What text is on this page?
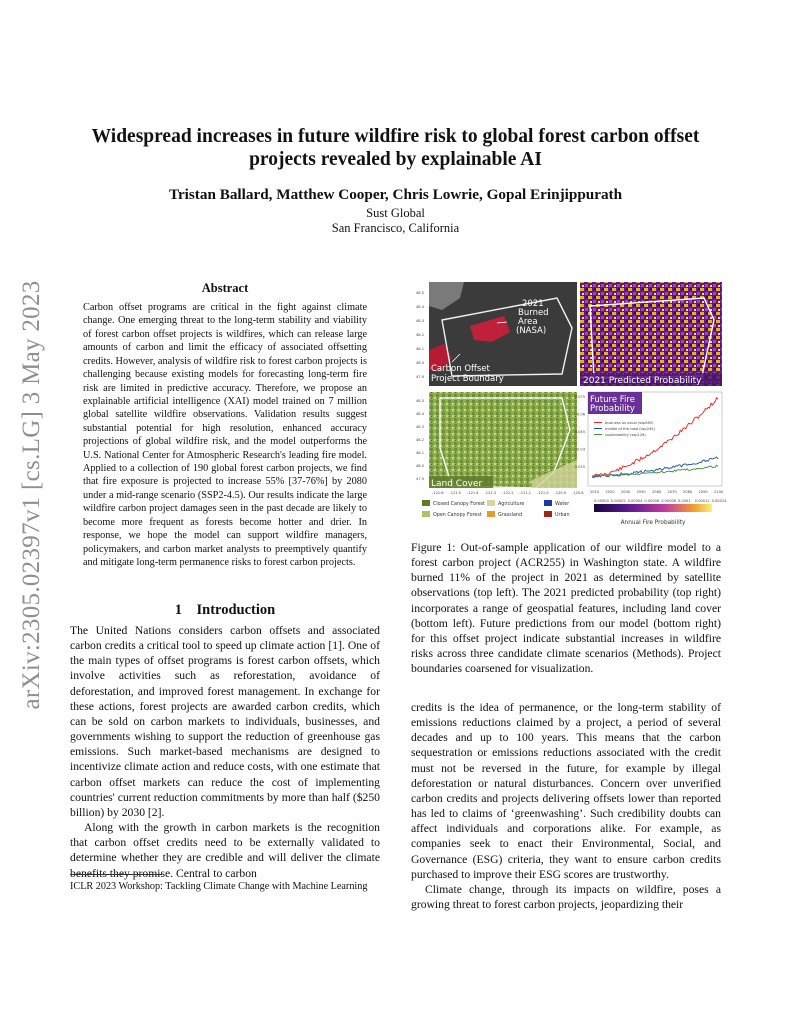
arXiv:2305.02397v1 [cs.LG] 3 May 2023
Widespread increases in future wildfire risk to global forest carbon offset projects revealed by explainable AI
Tristan Ballard, Matthew Cooper, Chris Lowrie, Gopal Erinjippurath
Sust Global
San Francisco, California
Abstract
Carbon offset programs are critical in the fight against climate change. One emerging threat to the long-term stability and viability of forest carbon offset projects is wildfires, which can release large amounts of carbon and limit the efficacy of associated offsetting credits. However, analysis of wildfire risk to forest carbon projects is challenging because existing models for forecasting long-term fire risk are limited in predictive accuracy. Therefore, we propose an explainable artificial intelligence (XAI) model trained on 7 million global satellite wildfire observations. Validation results suggest substantial potential for high resolution, enhanced accuracy projections of global wildfire risk, and the model outperforms the U.S. National Center for Atmospheric Research's leading fire model. Applied to a collection of 190 global forest carbon projects, we find that fire exposure is projected to increase 55% [37-76%] by 2080 under a mid-range scenario (SSP2-4.5). Our results indicate the large wildfire carbon project damages seen in the past decade are likely to become more frequent as forests become hotter and drier. In response, we hope the model can support wildfire managers, policymakers, and carbon market analysts to preemptively quantify and mitigate long-term permanence risks to forest carbon projects.
1 Introduction

The United Nations considers carbon offsets and associated carbon credits a critical tool to speed up climate action [1]. One of the main types of offset programs is forest carbon offsets, which involve activities such as reforestation, avoidance of deforestation, and improved forest management. In exchange for these actions, forest projects are awarded carbon credits, which can be sold on carbon markets to individuals, businesses, and governments wishing to support the reduction of greenhouse gas emissions. Such market-based mechanisms are designed to incentivize climate action and reduce costs, with one estimate that carbon offset markets can reduce the cost of implementing countries' current reduction commitments by more than half ($250 billion) by 2030 [2].

Along with the growth in carbon markets is the recognition that carbon offset credits need to be externally validated to determine whether they are credible and will deliver the climate benefits they promise. Central to carbon

ICLR 2023 Workshop: Tackling Climate Change with Machine Learning
48.5
48.4
48.3
48.2
48.1
48.0
47.9
48.5
48.4
48.3
48.2
48.1
48.0
47.9
2021 Burned Area (NASA)
Carbon Offset Project Boundary	2021 Predicted Probability
Land Cover
-121.6 -121.5 -121.4 -121.3 -121.2 -121.1 -121.0 -120.9 -120.8
Closed Canopy Forest	Agriculture	Water
Open Canopy Forest	Grassland	Urban
Future Fire Probability
0.075
0.06
0.045
0.03
0.015
2010 2020 2040 2050 2060 2070 2080 2090 2100
business as usual (ssp585)
middle of the road (ssp245)
sustainability (ssp126)
0.00000 0.00002 0.00004 0.00006 0.00008 0.0001 0.00012 0.00014
Annual Fire Probability
Figure 1: Out-of-sample application of our wildfire model to a forest carbon project (ACR255) in Washington state. A wildfire burned 11% of the project in 2021 as determined by satellite observations (top left). The 2021 predicted probability (top right) incorporates a range of geospatial features, including land cover (bottom left). Future predictions from our model (bottom right) for this offset project indicate substantial increases in wildfire risks across three candidate climate scenarios (Methods). Project boundaries coarsened for visualization.

credits is the idea of permanence, or the long-term stability of emissions reductions claimed by a project, a period of several decades and up to 100 years. This means that the carbon sequestration or emissions reductions associated with the credit must not be reversed in the future, for example by illegal deforestation or natural disturbances. Concern over unverified carbon credits and projects delivering offsets lower than reported has led to claims of ‘greenwashing’. Such credibility doubts can affect individuals and corporations alike. For example, as companies seek to enact their Environmental, Social, and Governance (ESG) criteria, they want to ensure carbon credits purchased to improve their ESG scores are trustworthy.

Climate change, through its impacts on wildfire, poses a growing threat to forest carbon projects, jeopardizing their
